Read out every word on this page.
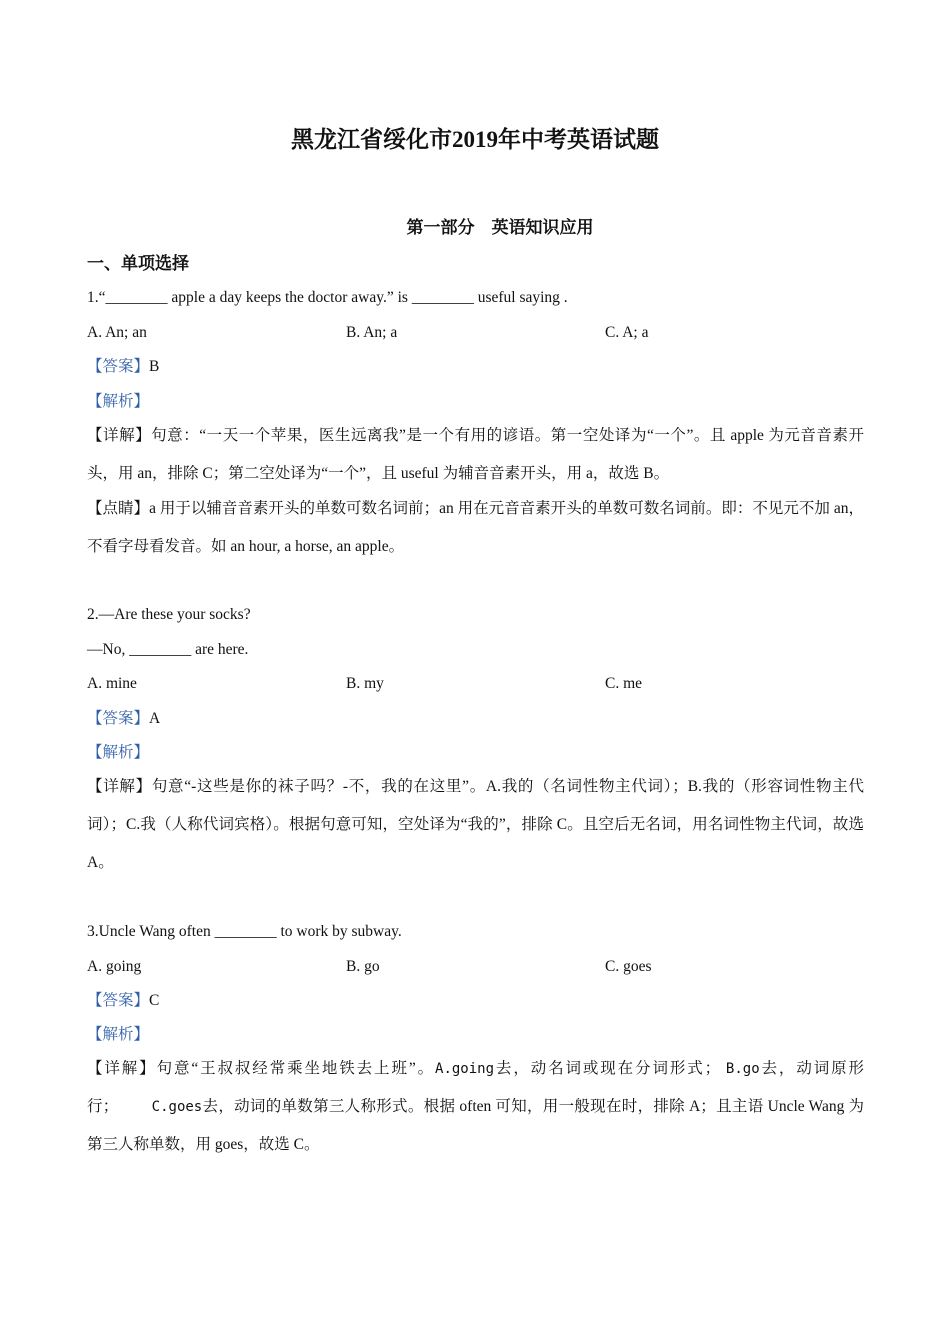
黑龙江省绥化市2019年中考英语试题
第一部分    英语知识应用
一、单项选择
1.“________ apple a day keeps the doctor away.” is ________ useful saying .
A. An; an	B. An; a	C. A; a
【答案】B
【解析】
【详解】句意：“一天一个苹果，医生远离我”是一个有用的谚语。第一空处译为“一个”。且 apple 为元音音素开头，用 an，排除 C；第二空处译为“一个”，且 useful 为辅音音素开头，用 a，故选 B。
【点睛】a 用于以辅音音素开头的单数可数名词前；an 用在元音音素开头的单数可数名词前。即：不见元不加 an，不看字母看发音。如 an hour, a horse, an apple。
2.—Are these your socks?
—No, ________ are here.
A. mine	B. my	C. me
【答案】A
【解析】
【详解】句意“-这些是你的袜子吗？-不，我的在这里”。A.我的（名词性物主代词）；B.我的（形容词性物主代词）；C.我（人称代词宾格）。根据句意可知，空处译为“我的”，排除 C。且空后无名词，用名词性物主代词，故选 A。
3.Uncle Wang often ________ to work by subway.
A. going	B. go	C. goes
【答案】C
【解析】
【详解】句意“王叔叔经常乘坐地铁去上班”。A.going去，动名词或现在分词形式； B.go去，动词原形行； C.goes去，动词的单数第三人称形式。根据 often 可知，用一般现在时，排除 A；且主语 Uncle Wang 为第三人称单数，用 goes，故选 C。
